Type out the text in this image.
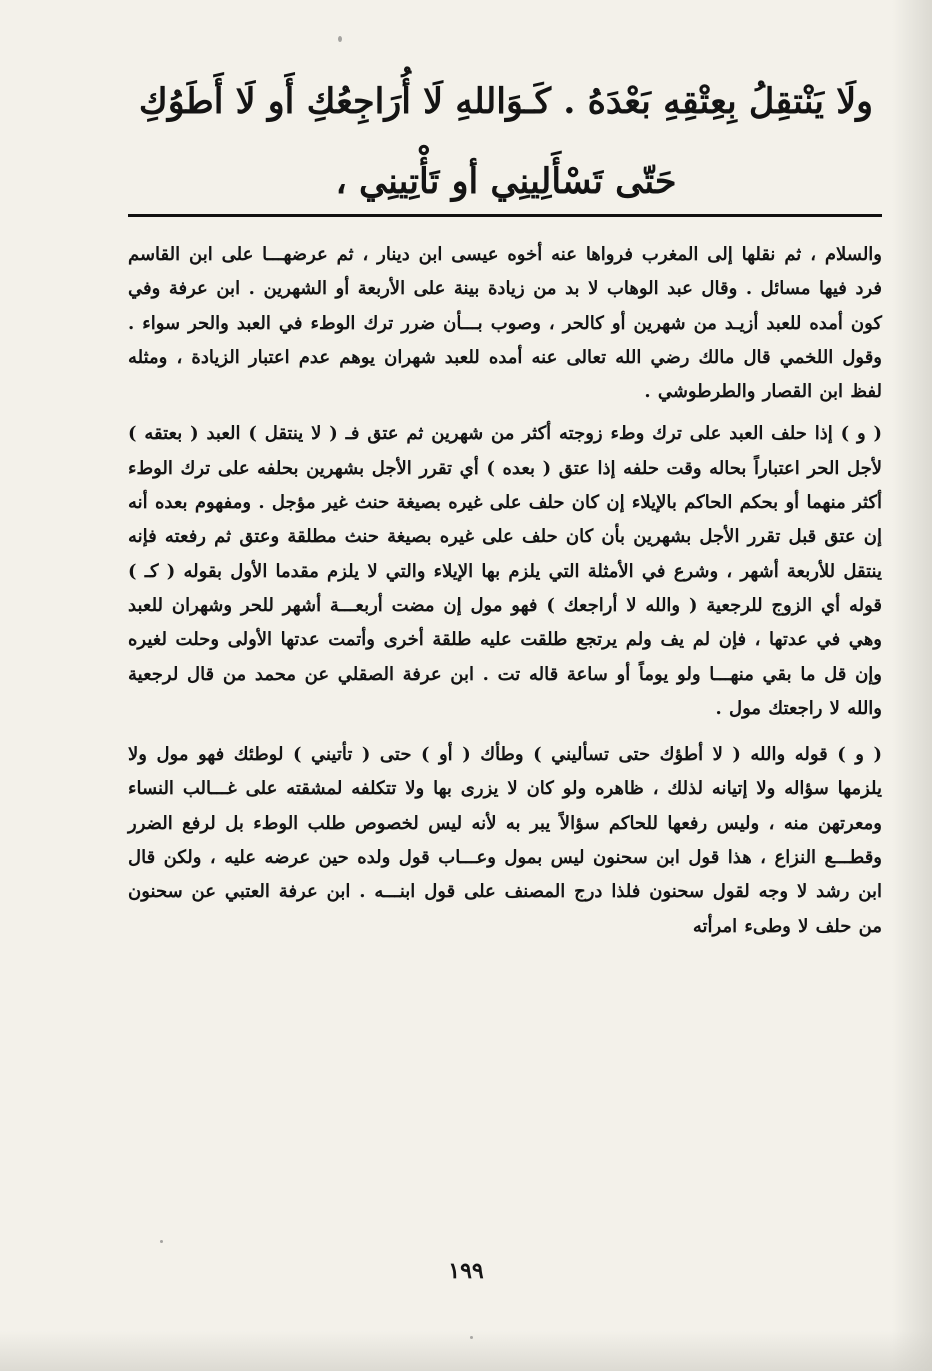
ولَا يَنْتقِلُ بِعِتْقِهِ بَعْدَهُ . كَـوَاللهِ لَا أُرَاجِعُكِ أَو لَا أَطَوُكِ
حَتّى تَسْأَلِينِي أو تَأْتِينِي ،

والسلام ، ثم نقلها إلى المغرب فرواها عنه أخوه عيسى ابن دينار ، ثم عرضهـــا على ابن القاسم فرد فيها مسائل . وقال عبد الوهاب لا بد من زيادة بينة على الأربعة أو الشهرين . ابن عرفة وفي كون أمده للعبد أزيـد من شهرين أو كالحر ، وصوب بـــأن ضرر ترك الوطء في العبد والحر سواء . وقول اللخمي قال مالك رضي الله تعالى عنه أمده للعبد شهران يوهم عدم اعتبار الزيادة ، ومثله لفظ ابن القصار والطرطوشي .

( و ) إذا حلف العبد على ترك وطء زوجته أكثر من شهرين ثم عتق فـ ( لا ينتقل ) العبد ( بعتقه ) لأجل الحر اعتباراً بحاله وقت حلفه إذا عتق ( بعده ) أي تقرر الأجل بشهرين بحلفه على ترك الوطء أكثر منهما أو بحكم الحاكم بالإيلاء إن كان حلف على غيره بصيغة حنث غير مؤجل . ومفهوم بعده أنه إن عتق قبل تقرر الأجل بشهرين بأن كان حلف على غيره بصيغة حنث مطلقة وعتق ثم رفعته فإنه ينتقل للأربعة أشهر ، وشرع في الأمثلة التي يلزم بها الإيلاء والتي لا يلزم مقدما الأول بقوله ( كـ ) قوله أي الزوج للرجعية ( والله لا أراجعك ) فهو مول إن مضت أربعـــة أشهر للحر وشهران للعبد وهي في عدتها ، فإن لم يف ولم يرتجع طلقت عليه طلقة أخرى وأتمت عدتها الأولى وحلت لغيره وإن قل ما بقي منهـــا ولو يوماً أو ساعة قاله تت . ابن عرفة الصقلي عن محمد من قال لرجعية والله لا راجعتك مول .

( و ) قوله والله ( لا أطؤك حتى تسأليني ) وطأك ( أو ) حتى ( تأتيني ) لوطئك فهو مول ولا يلزمها سؤاله ولا إتيانه لذلك ، ظاهره ولو كان لا يزرى بها ولا تتكلفه لمشقته على غـــالب النساء ومعرتهن منه ، وليس رفعها للحاكم سؤالاً يبر به لأنه ليس لخصوص طلب الوطء بل لرفع الضرر وقطـــع النزاع ، هذا قول ابن سحنون ليس بمول وعـــاب قول ولده حين عرضه عليه ، ولكن قال ابن رشد لا وجه لقول سحنون فلذا درج المصنف على قول ابنـــه . ابن عرفة العتبي عن سحنون من حلف لا وطىء امرأته

١٩٩
